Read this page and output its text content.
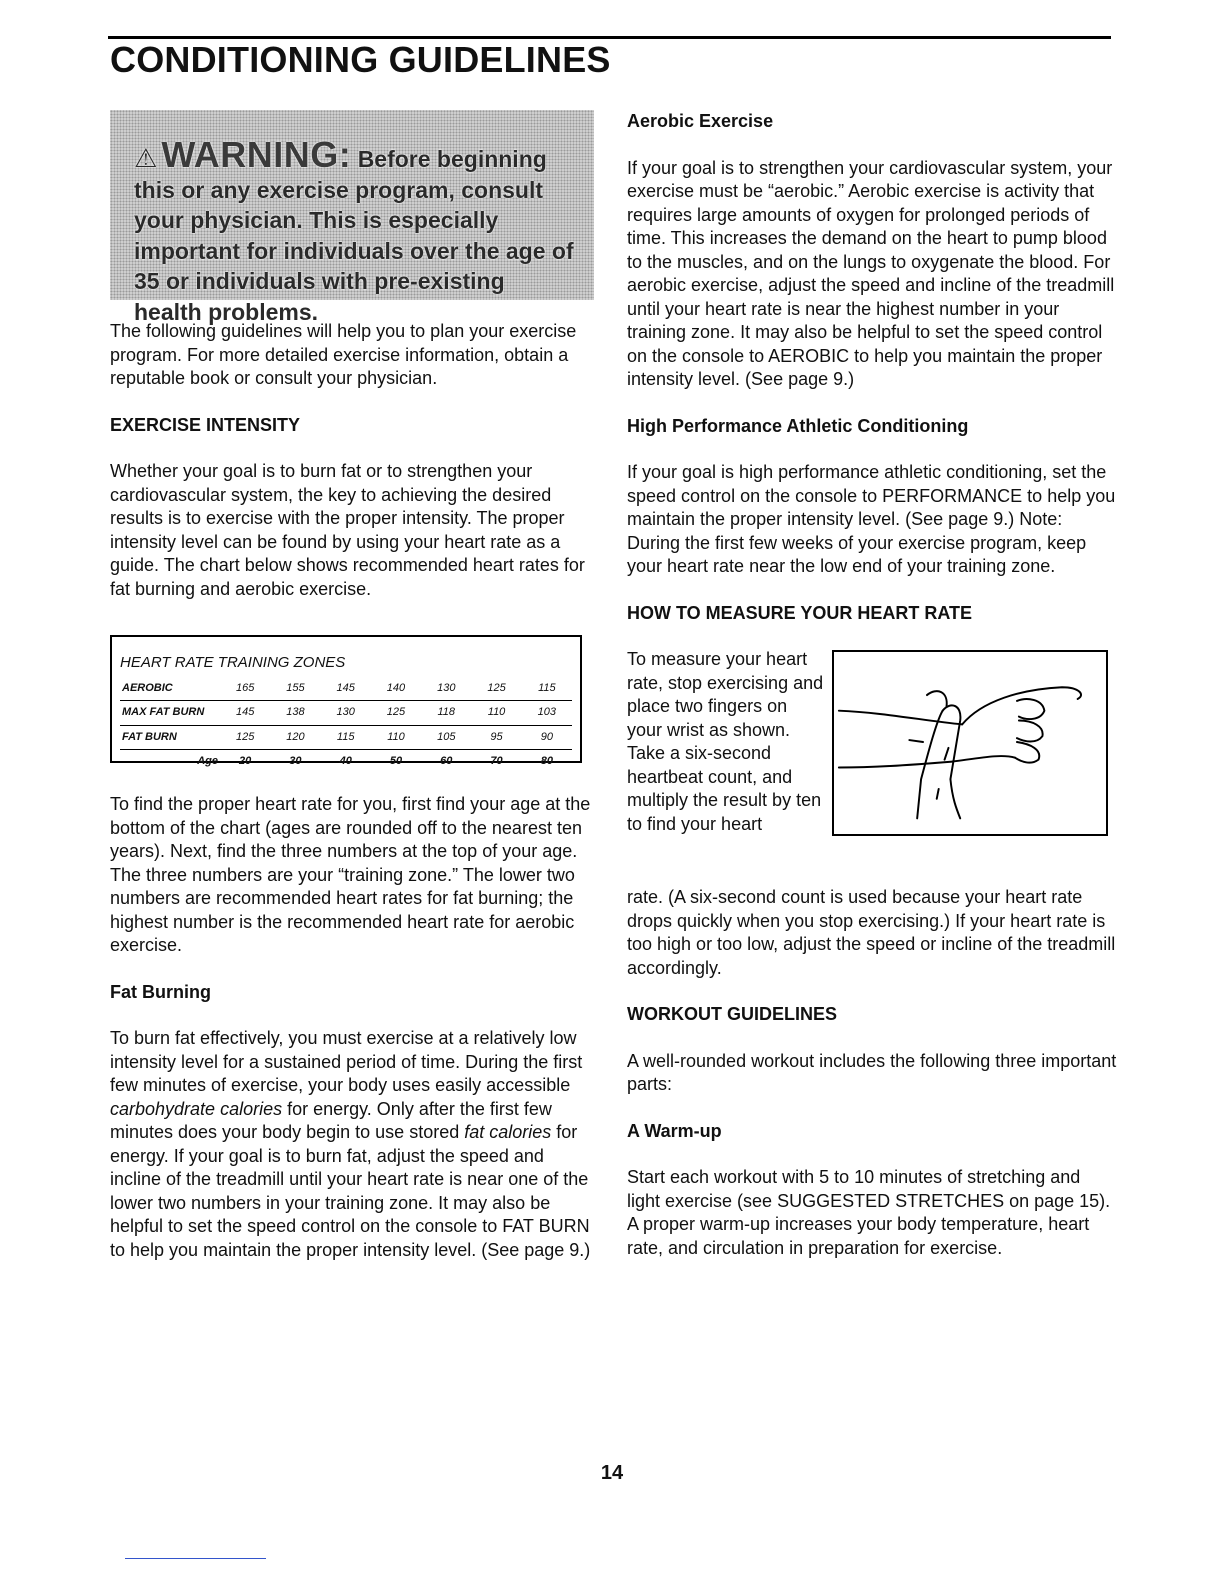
CONDITIONING GUIDELINES
⚠ WARNING: Before beginning this or any exercise program, consult your physician. This is especially important for individuals over the age of 35 or individuals with pre-existing health problems.

The following guidelines will help you to plan your exercise program. For more detailed exercise information, obtain a reputable book or consult your physician.

EXERCISE INTENSITY

Whether your goal is to burn fat or to strengthen your cardiovascular system, the key to achieving the desired results is to exercise with the proper intensity. The proper intensity level can be found by using your heart rate as a guide. The chart below shows recommended heart rates for fat burning and aerobic exercise.

HEART RATE TRAINING ZONES
AEROBIC	165	155	145	140	130	125	115
MAX FAT BURN	145	138	130	125	118	110	103
FAT BURN	125	120	115	110	105	95	90
Age	20	30	40	50	60	70	80

To find the proper heart rate for you, first find your age at the bottom of the chart (ages are rounded off to the nearest ten years). Next, find the three numbers at the top of your age. The three numbers are your “training zone.” The lower two numbers are recommended heart rates for fat burning; the highest number is the recommended heart rate for aerobic exercise.

Fat Burning

To burn fat effectively, you must exercise at a relatively low intensity level for a sustained period of time. During the first few minutes of exercise, your body uses easily accessible carbohydrate calories for energy. Only after the first few minutes does your body begin to use stored fat calories for energy. If your goal is to burn fat, adjust the speed and incline of the treadmill until your heart rate is near one of the lower two numbers in your training zone. It may also be helpful to set the speed control on the console to FAT BURN to help you maintain the proper intensity level. (See page 9.)

Aerobic Exercise

If your goal is to strengthen your cardiovascular system, your exercise must be “aerobic.” Aerobic exercise is activity that requires large amounts of oxygen for prolonged periods of time. This increases the demand on the heart to pump blood to the muscles, and on the lungs to oxygenate the blood. For aerobic exercise, adjust the speed and incline of the treadmill until your heart rate is near the highest number in your training zone. It may also be helpful to set the speed control on the console to AEROBIC to help you maintain the proper intensity level. (See page 9.)

High Performance Athletic Conditioning

If your goal is high performance athletic conditioning, set the speed control on the console to PERFORMANCE to help you maintain the proper intensity level. (See page 9.) Note: During the first few weeks of your exercise program, keep your heart rate near the low end of your training zone.

HOW TO MEASURE YOUR HEART RATE

To measure your heart rate, stop exercising and place two fingers on your wrist as shown. Take a six-second heartbeat count, and multiply the result by ten to find your heart

rate. (A six-second count is used because your heart rate drops quickly when you stop exercising.) If your heart rate is too high or too low, adjust the speed or incline of the treadmill accordingly.

WORKOUT GUIDELINES

A well-rounded workout includes the following three important parts:

A Warm-up

Start each workout with 5 to 10 minutes of stretching and light exercise (see SUGGESTED STRETCHES on page 15). A proper warm-up increases your body temperature, heart rate, and circulation in preparation for exercise.

14
